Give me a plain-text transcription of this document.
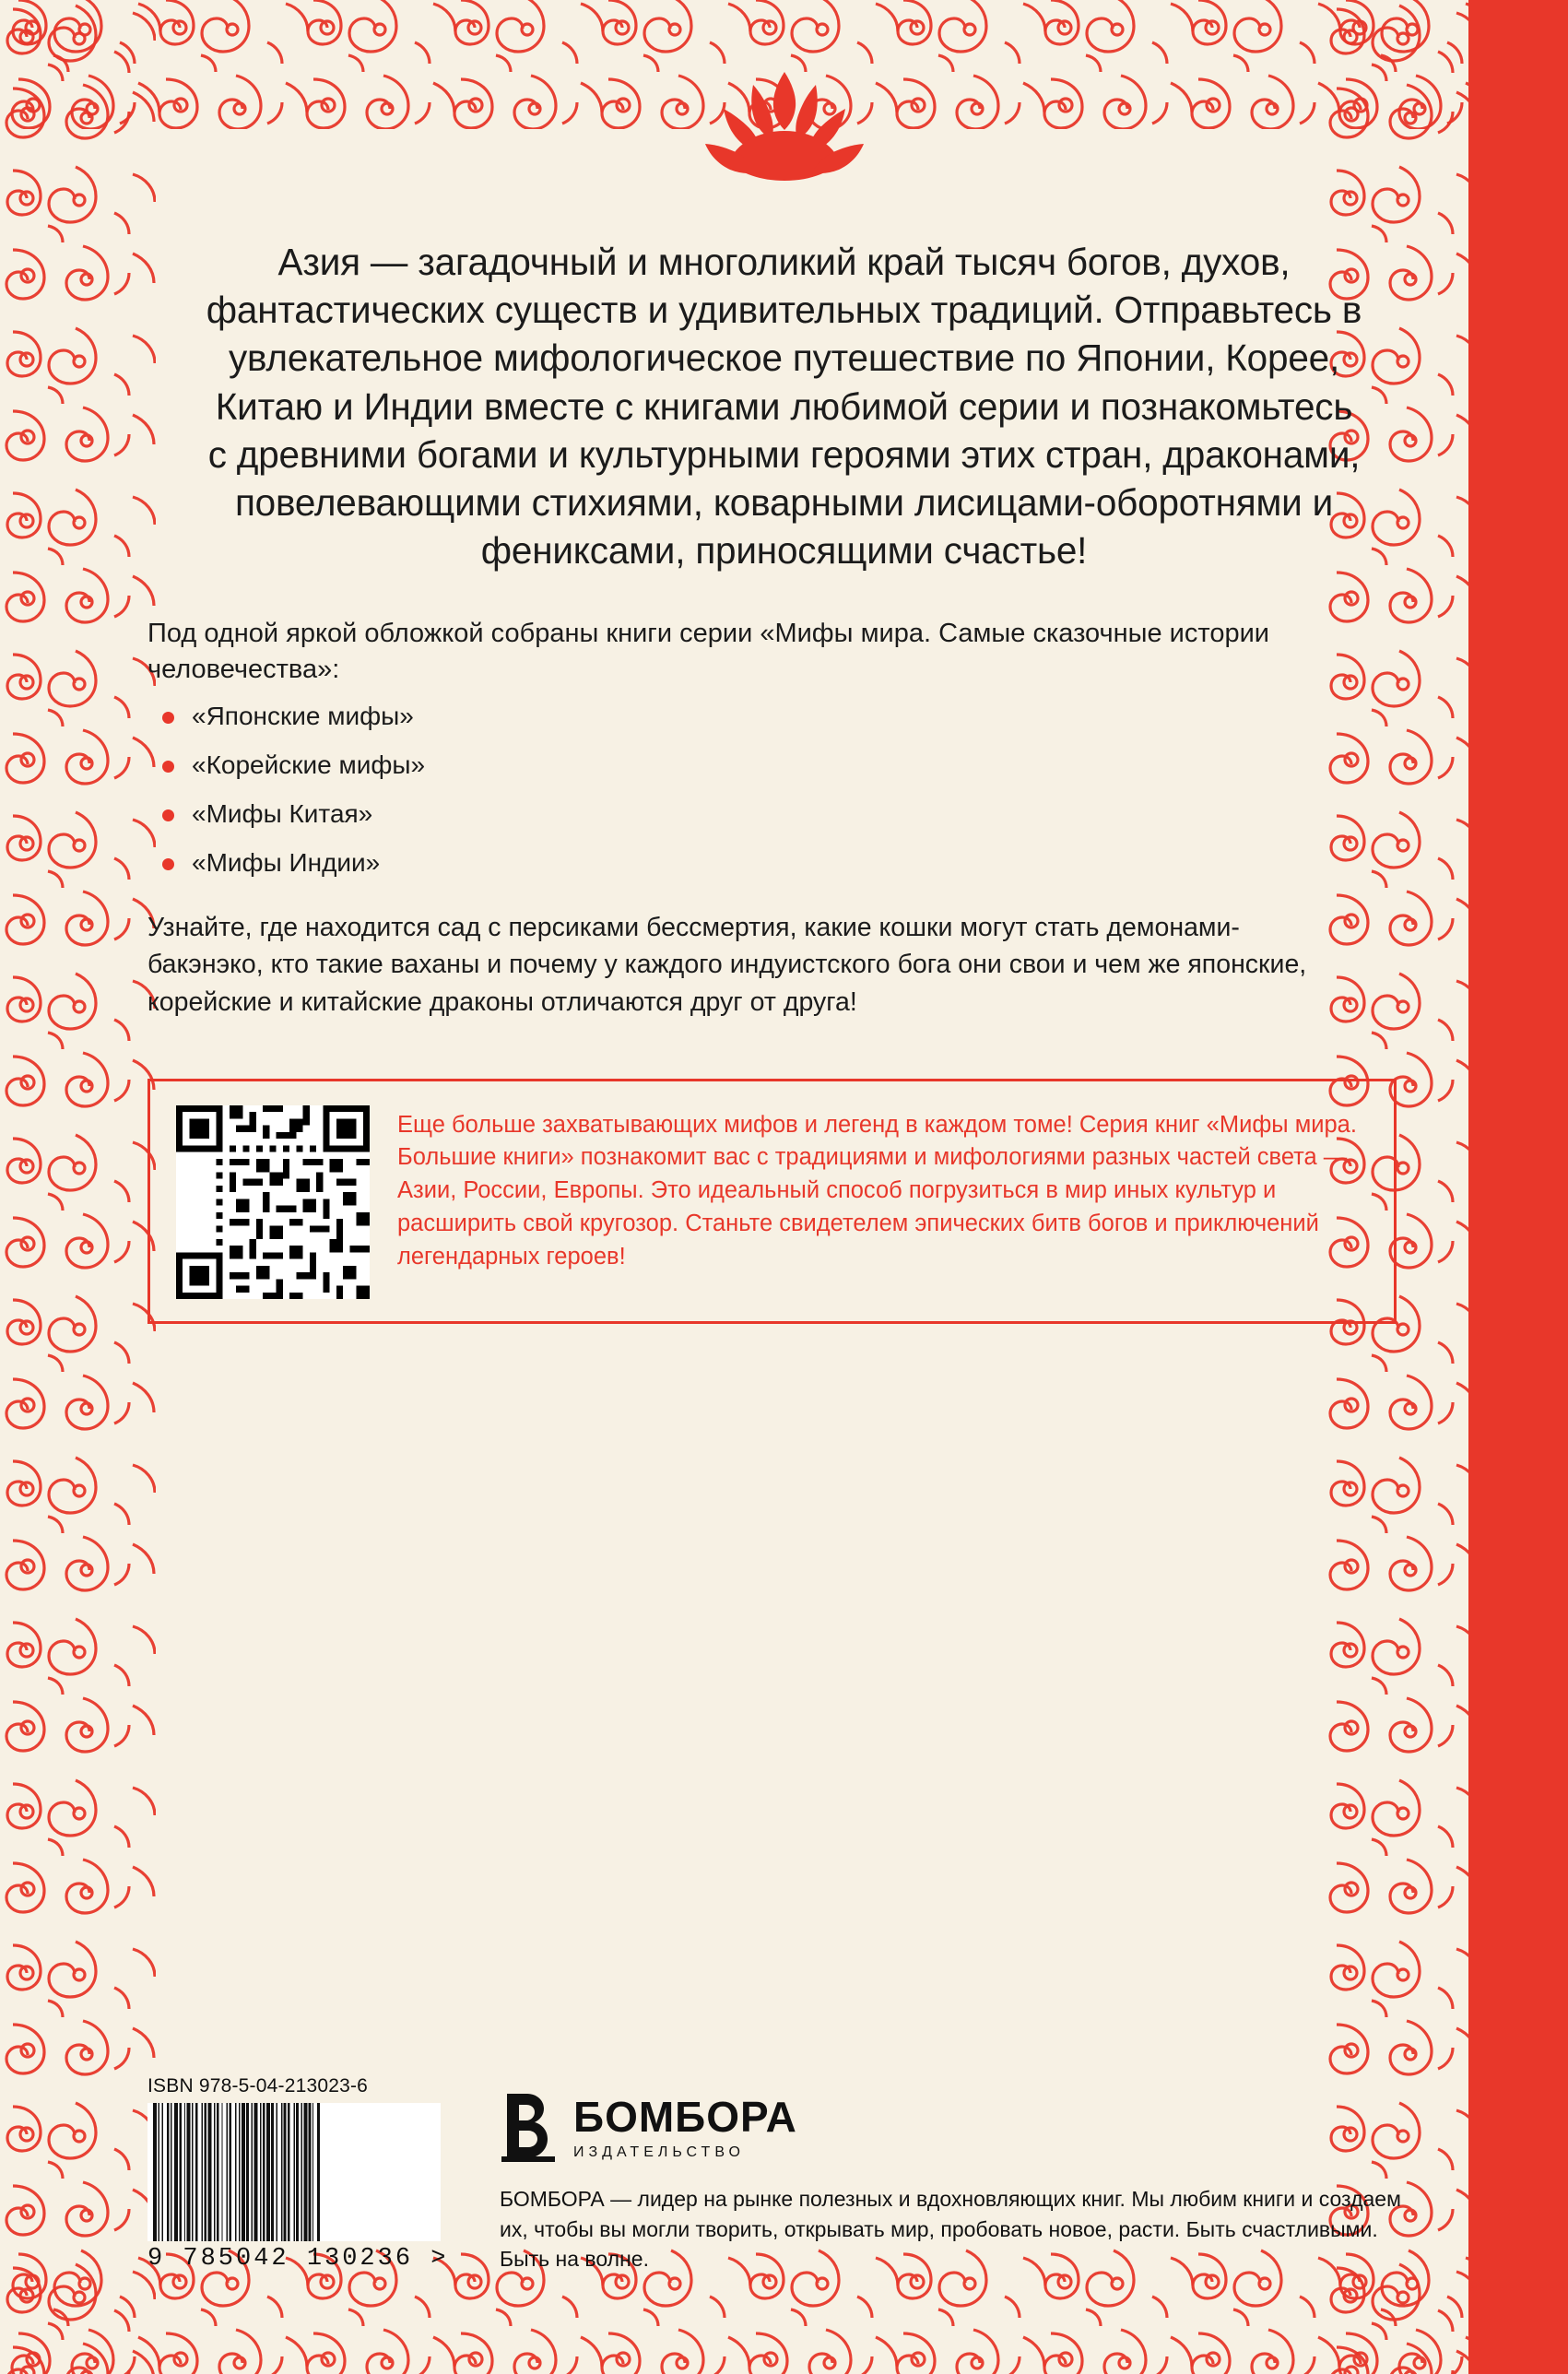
Азия — загадочный и многоликий край тысяч богов, духов, фантастических существ и удивительных традиций. Отправьтесь в увлекательное мифологическое путешествие по Японии, Корее, Китаю и Индии вместе с книгами любимой серии и познакомьтесь с древними богами и культурными героями этих стран, драконами, повелевающими стихиями, коварными лисицами-оборотнями и фениксами, приносящими счастье!
Под одной яркой обложкой собраны книги серии «Мифы мира. Самые сказочные истории человечества»:
«Японские мифы»
«Корейские мифы»
«Мифы Китая»
«Мифы Индии»
Узнайте, где находится сад с персиками бессмертия, какие кошки могут стать демонами-бакэнэко, кто такие ваханы и почему у каждого индуистского бога они свои и чем же японские, корейские и китайские драконы отличаются друг от друга!
Еще больше захватывающих мифов и легенд в каждом томе! Серия книг «Мифы мира. Большие книги» познакомит вас с традициями и мифологиями разных частей света — Азии, России, Европы. Это идеальный способ погрузиться в мир иных культур и расширить свой кругозор. Станьте свидетелем эпических битв богов и приключений легендарных героев!
ISBN 978-5-04-213023-6
9 785042 130236 >
БОМБОРА
ИЗДАТЕЛЬСТВО
БОМБОРА — лидер на рынке полезных и вдохновляющих книг. Мы любим книги и создаем их, чтобы вы могли творить, открывать мир, пробовать новое, расти. Быть счастливыми. Быть на волне.
